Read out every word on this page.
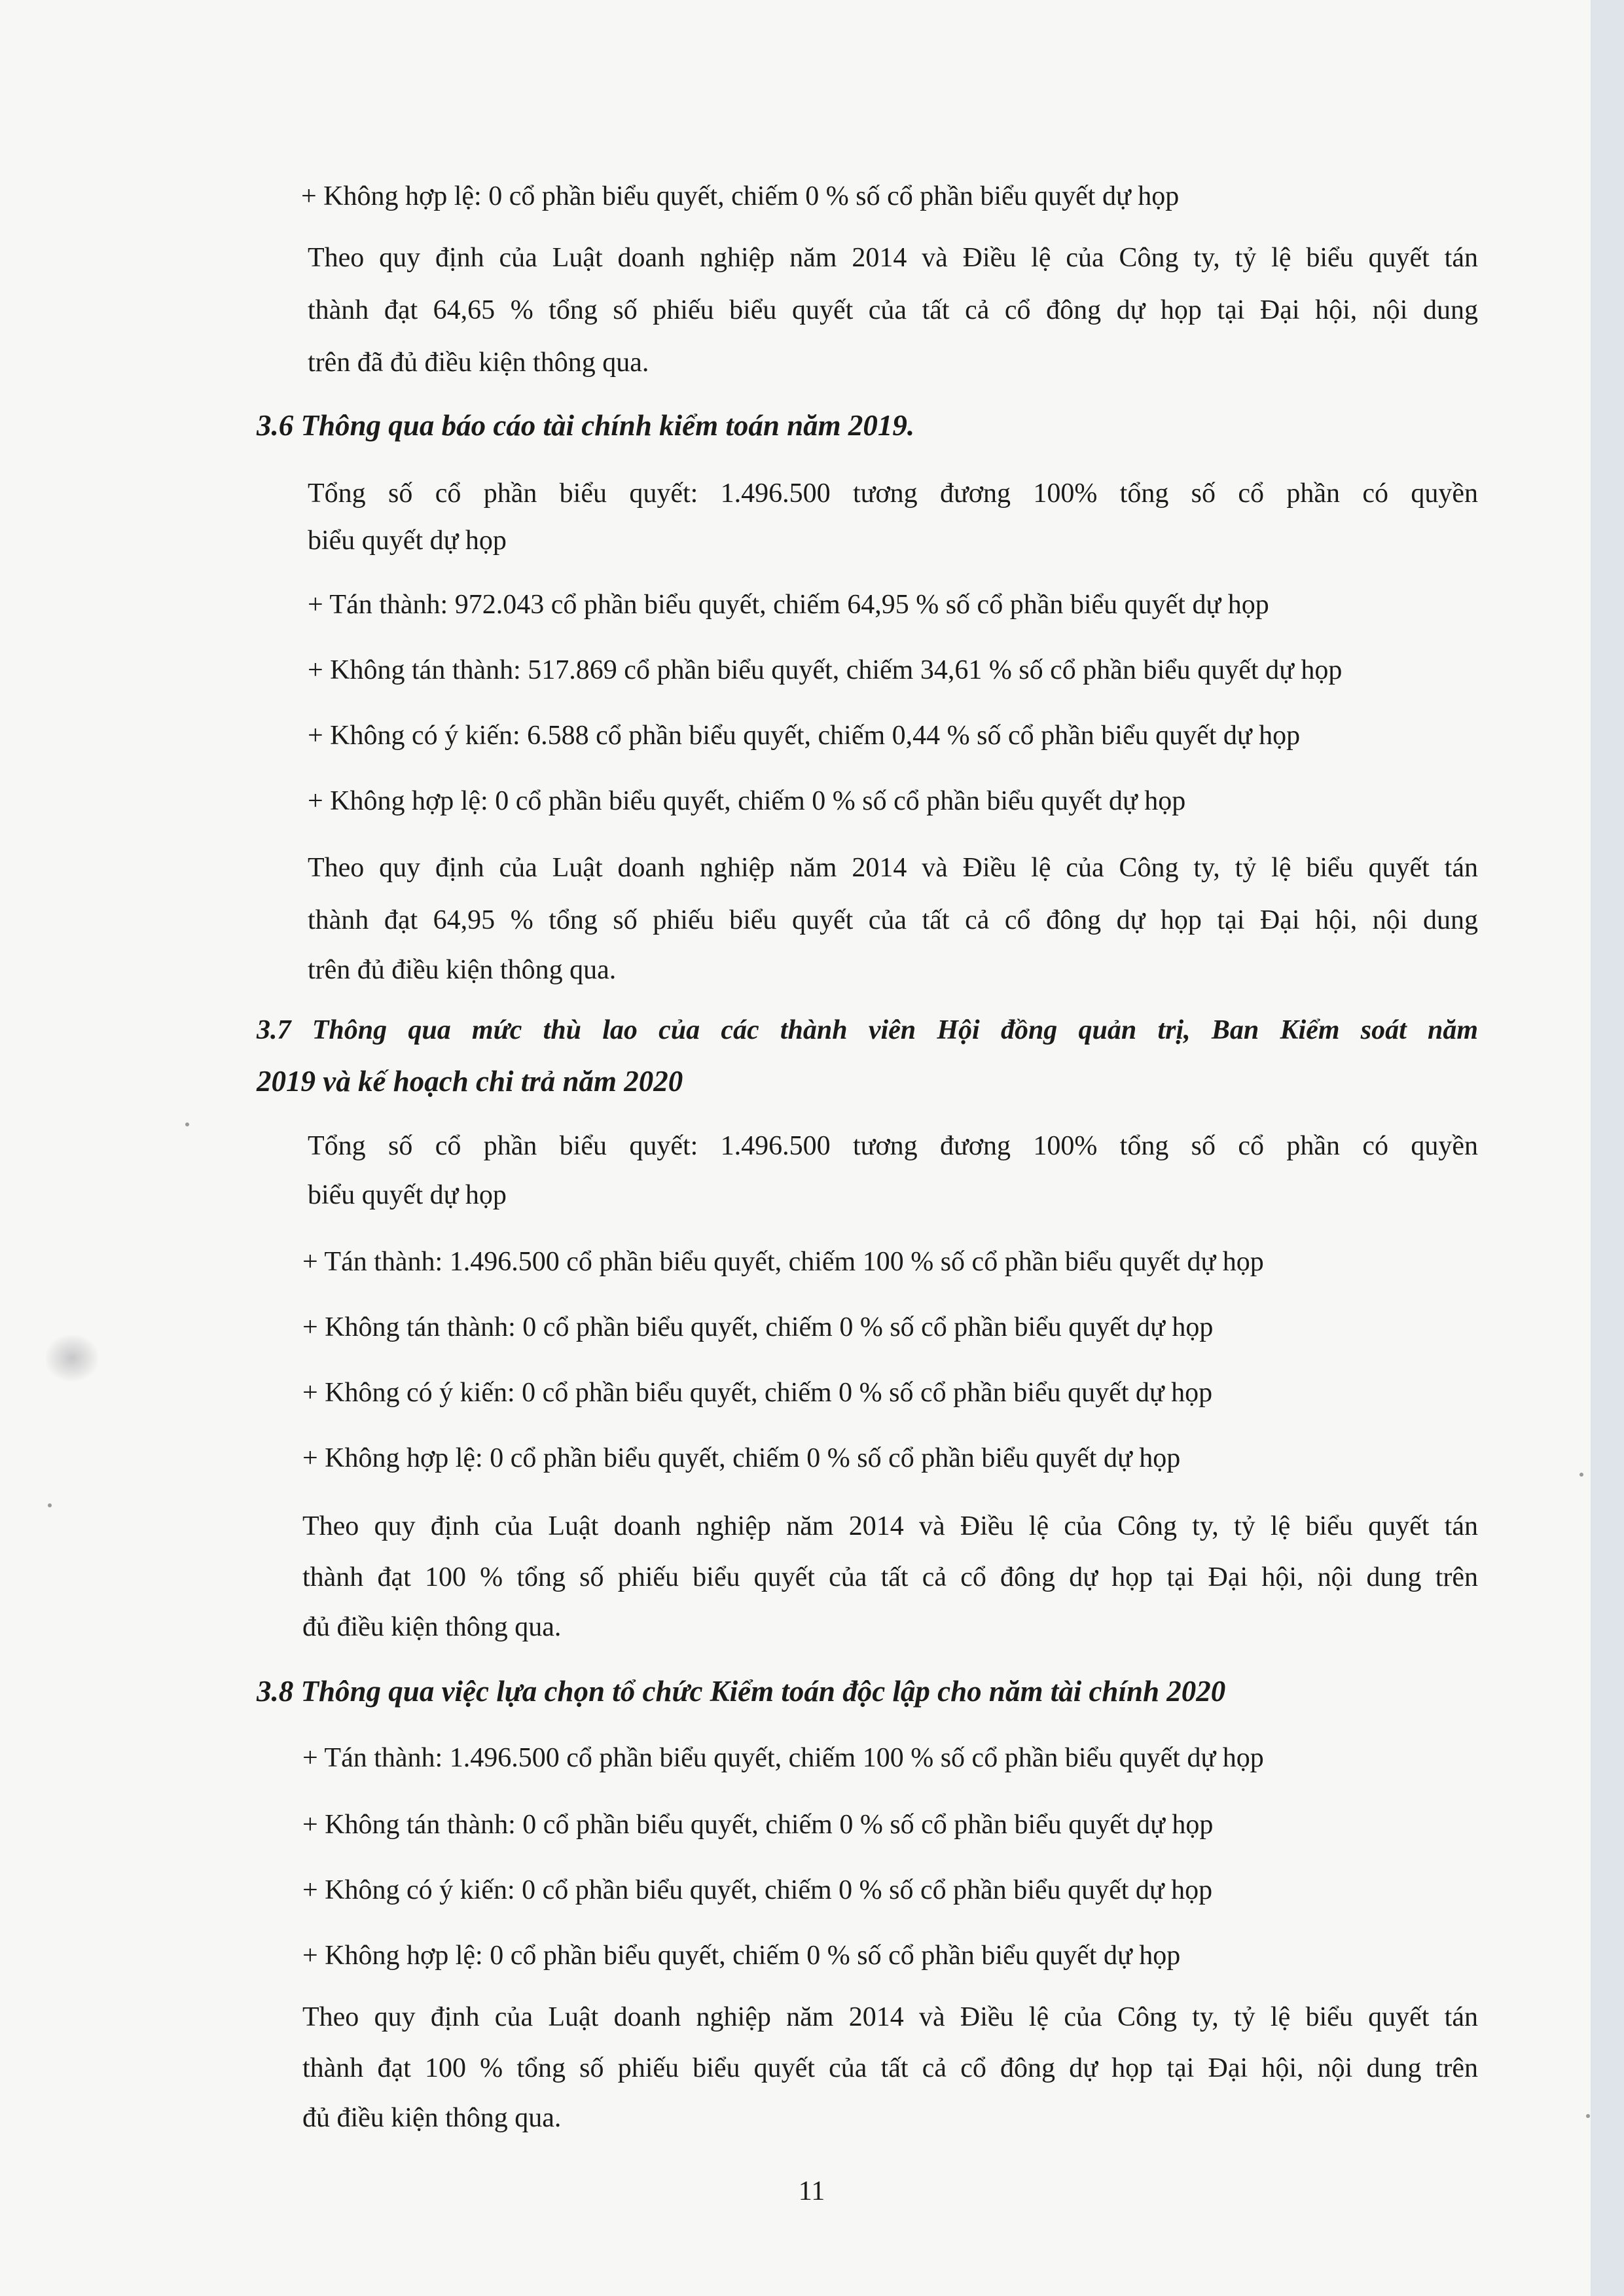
+ Không hợp lệ: 0 cổ phần biểu quyết, chiếm 0 % số cổ phần biểu quyết dự họp
Theo quy định của Luật doanh nghiệp năm 2014 và Điều lệ của Công ty, tỷ lệ biểu quyết tán
thành đạt 64,65 % tổng số phiếu biểu quyết của tất cả cổ đông dự họp tại Đại hội, nội dung
trên đã đủ điều kiện thông qua.
3.6 Thông qua báo cáo tài chính kiểm toán năm 2019.
Tổng số cổ phần biểu quyết: 1.496.500 tương đương 100% tổng số cổ phần có quyền
biểu quyết dự họp
+ Tán thành: 972.043 cổ phần biểu quyết, chiếm 64,95 % số cổ phần biểu quyết dự họp
+ Không tán thành: 517.869 cổ phần biểu quyết, chiếm 34,61 % số cổ phần biểu quyết dự họp
+ Không có ý kiến: 6.588 cổ phần biểu quyết, chiếm 0,44 % số cổ phần biểu quyết dự họp
+ Không hợp lệ: 0 cổ phần biểu quyết, chiếm 0 % số cổ phần biểu quyết dự họp
Theo quy định của Luật doanh nghiệp năm 2014 và Điều lệ của Công ty, tỷ lệ biểu quyết tán
thành đạt 64,95 % tổng số phiếu biểu quyết của tất cả cổ đông dự họp tại Đại hội, nội dung
trên đủ điều kiện thông qua.
3.7 Thông qua mức thù lao của các thành viên Hội đồng quản trị, Ban Kiểm soát năm
2019 và kế hoạch chi trả năm 2020
Tổng số cổ phần biểu quyết: 1.496.500 tương đương 100% tổng số cổ phần có quyền
biểu quyết dự họp
+ Tán thành: 1.496.500 cổ phần biểu quyết, chiếm 100 % số cổ phần biểu quyết dự họp
+ Không tán thành: 0 cổ phần biểu quyết, chiếm 0 % số cổ phần biểu quyết dự họp
+ Không có ý kiến: 0 cổ phần biểu quyết, chiếm 0 % số cổ phần biểu quyết dự họp
+ Không hợp lệ: 0 cổ phần biểu quyết, chiếm 0 % số cổ phần biểu quyết dự họp
Theo quy định của Luật doanh nghiệp năm 2014 và Điều lệ của Công ty, tỷ lệ biểu quyết tán
thành đạt 100 % tổng số phiếu biểu quyết của tất cả cổ đông dự họp tại Đại hội, nội dung trên
đủ điều kiện thông qua.
3.8 Thông qua việc lựa chọn tổ chức Kiểm toán độc lập cho năm tài chính 2020
+ Tán thành: 1.496.500 cổ phần biểu quyết, chiếm 100 % số cổ phần biểu quyết dự họp
+ Không tán thành: 0 cổ phần biểu quyết, chiếm 0 % số cổ phần biểu quyết dự họp
+ Không có ý kiến: 0 cổ phần biểu quyết, chiếm 0 % số cổ phần biểu quyết dự họp
+ Không hợp lệ: 0 cổ phần biểu quyết, chiếm 0 % số cổ phần biểu quyết dự họp
Theo quy định của Luật doanh nghiệp năm 2014 và Điều lệ của Công ty, tỷ lệ biểu quyết tán
thành đạt 100 % tổng số phiếu biểu quyết của tất cả cổ đông dự họp tại Đại hội, nội dung trên
đủ điều kiện thông qua.
11
